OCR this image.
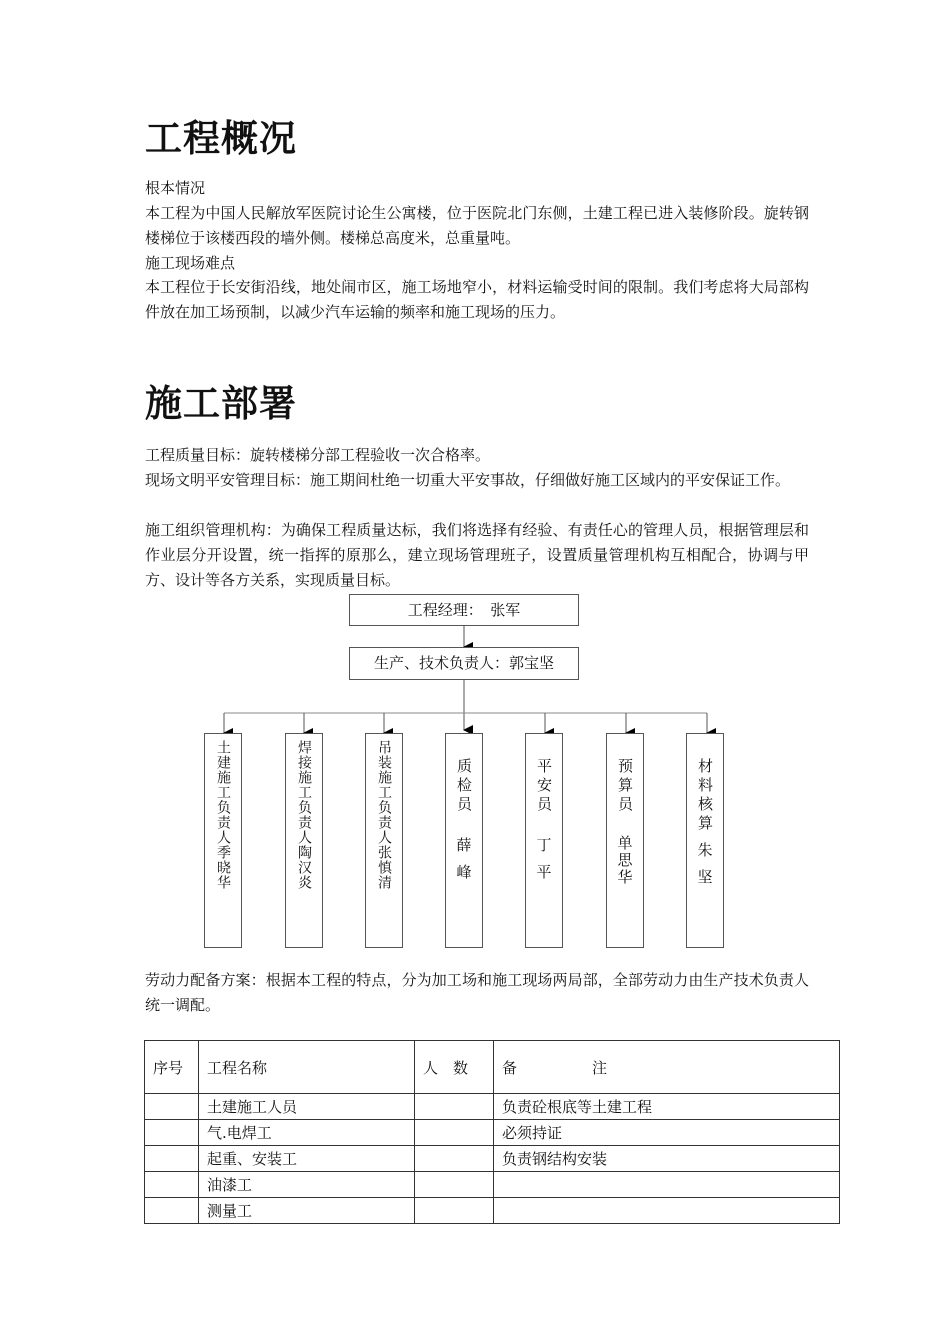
工程概况

根本情况

本工程为中国人民解放军医院讨论生公寓楼，位于医院北门东侧，土建工程已进入装修阶段。旋转钢楼梯位于该楼西段的墙外侧。楼梯总高度米，总重量吨。

施工现场难点

本工程位于长安街沿线，地处闹市区，施工场地窄小，材料运输受时间的限制。我们考虑将大局部构件放在加工场预制，以减少汽车运输的频率和施工现场的压力。

施工部署

工程质量目标：旋转楼梯分部工程验收一次合格率。

现场文明平安管理目标：施工期间杜绝一切重大平安事故，仔细做好施工区域内的平安保证工作。

施工组织管理机构：为确保工程质量达标，我们将选择有经验、有责任心的管理人员，根据管理层和作业层分开设置，统一指挥的原那么，建立现场管理班子，设置质量管理机构互相配合，协调与甲方、设计等各方关系，实现质量目标。

工程经理：　张军
生产、技术负责人：郭宝坚
土建施工负责人季晓华	焊接施工负责人陶汉炎	吊装施工负责人张慎清	质检员
薛峰
平安员
丁平
预算员
单思华
材料核算
朱坚

劳动力配备方案：根据本工程的特点，分为加工场和施工现场两局部，全部劳动力由生产技术负责人统一调配。

序号	工程名称	人　数	备　　　　　注
	土建施工人员		负责砼根底等土建工程
	气.电焊工		必须持证
	起重、安装工		负责钢结构安装
	油漆工		
	测量工		
